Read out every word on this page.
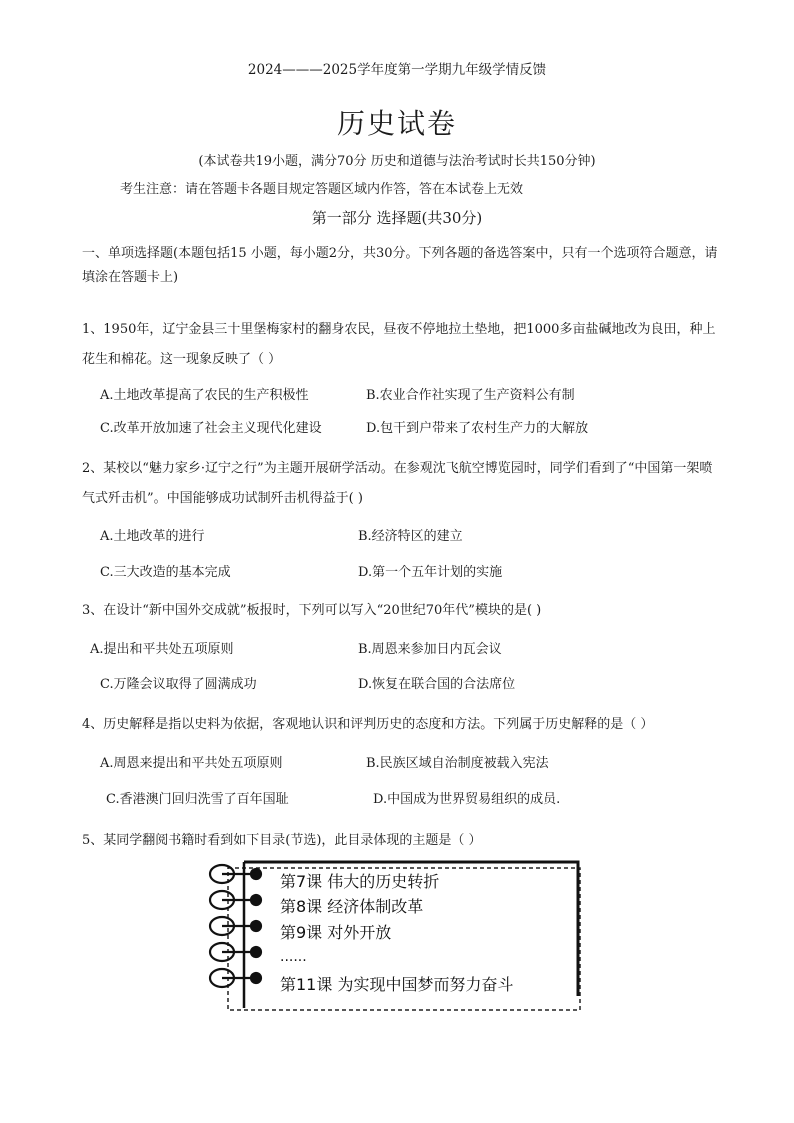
2024———2025学年度第一学期九年级学情反馈
历史试卷
(本试卷共19小题，满分70分 历史和道德与法治考试时长共150分钟)
考生注意：请在答题卡各题目规定答题区域内作答，答在本试卷上无效
第一部分 选择题(共30分)
一、单项选择题(本题包括15 小题，每小题2分，共30分。下列各题的备选答案中，只有一个选项符合题意，请填涂在答题卡上)
1、1950年，辽宁金县三十里堡梅家村的翻身农民，昼夜不停地拉土垫地，把1000多亩盐碱地改为良田，种上花生和棉花。这一现象反映了（ ）
A.土地改革提高了农民的生产积极性	B.农业合作社实现了生产资料公有制
C.改革开放加速了社会主义现代化建设	D.包干到户带来了农村生产力的大解放
2、某校以“魅力家乡·辽宁之行”为主题开展研学活动。在参观沈飞航空博览园时，同学们看到了“中国第一架喷气式歼击机”。中国能够成功试制歼击机得益于( )
A.土地改革的进行	B.经济特区的建立
C.三大改造的基本完成	D.第一个五年计划的实施
3、在设计“新中国外交成就”板报时，下列可以写入“20世纪70年代”模块的是( )
A.提出和平共处五项原则	B.周恩来参加日内瓦会议
C.万隆会议取得了圆满成功	D.恢复在联合国的合法席位
4、历史解释是指以史料为依据，客观地认识和评判历史的态度和方法。下列属于历史解释的是（ ）
A.周恩来提出和平共处五项原则	B.民族区域自治制度被载入宪法
C.香港澳门回归洗雪了百年国耻	D.中国成为世界贸易组织的成员.
5、某同学翻阅书籍时看到如下目录(节选)，此目录体现的主题是（ ）
第7课 伟大的历史转折
第8课 经济体制改革
第9课 对外开放
......
第11课 为实现中国梦而努力奋斗
